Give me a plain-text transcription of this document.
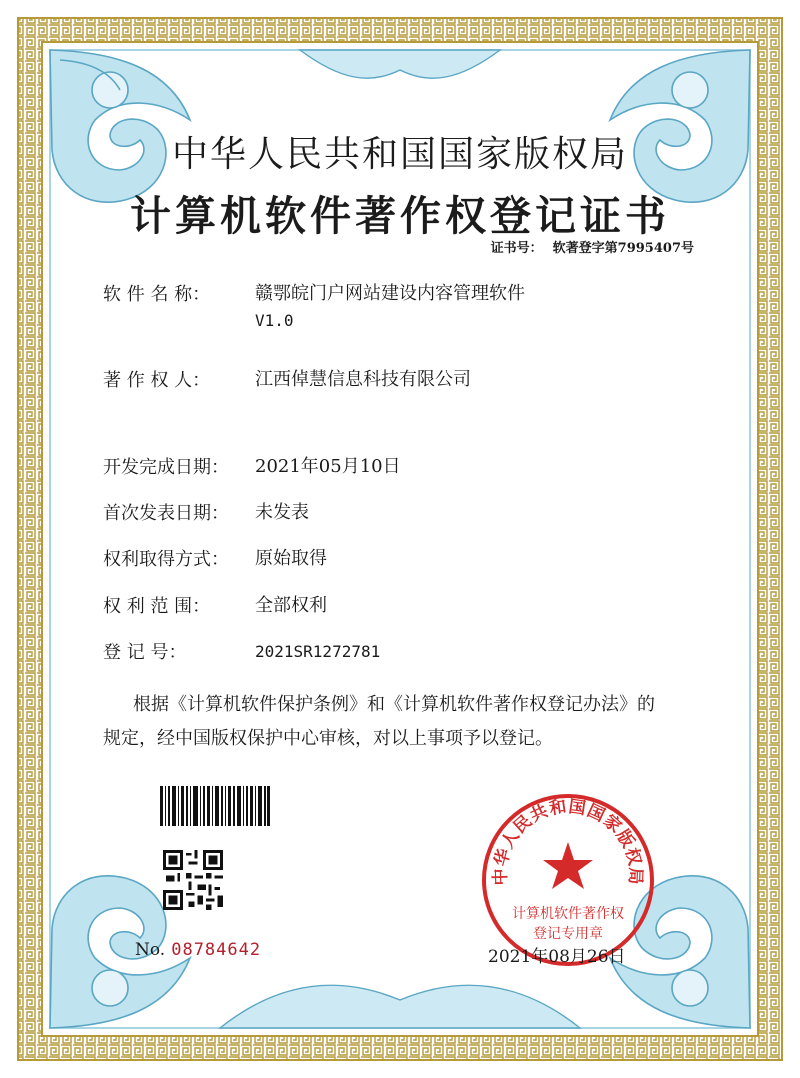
中华人民共和国国家版权局
计算机软件著作权登记证书
证书号： 软著登字第7995407号
软 件 名 称：	赣鄂皖门户网站建设内容管理软件
V1.0
著 作 权 人：	江西倬慧信息科技有限公司
开发完成日期：	2021年05月10日
首次发表日期：	未发表
权利取得方式：	原始取得
权 利 范 围：	全部权利
登 记 号：	2021SR1272781
根据《计算机软件保护条例》和《计算机软件著作权登记办法》的
规定，经中国版权保护中心审核，对以上事项予以登记。
No. 08784642
中华人民共和国国家版权局
计算机软件著作权
登记专用章
2021年08月26日
